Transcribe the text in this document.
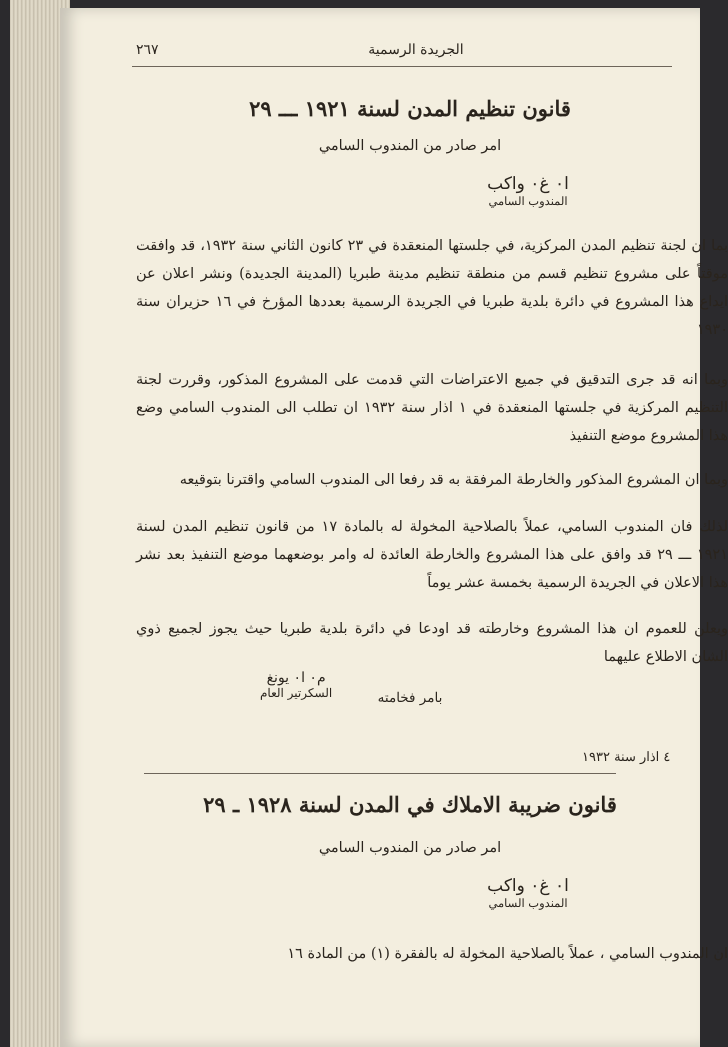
٢٦٧	الجريدة الرسمية
قانون تنظيم المدن لسنة ١٩٢١ ـــ ٢٩
امر صادر من المندوب السامي
ا٠ غ٠ واكب
المندوب السامي

بما ان لجنة تنظيم المدن المركزية، في جلستها المنعقدة في ٢٣ كانون الثاني سنة ١٩٣٢، قد وافقت موقتاً على مشروع تنظيم قسم من منطقة تنظيم مدينة طبريا (المدينة الجديدة) ونشر اعلان عن ايداع هذا المشروع في دائرة بلدية طبريا في الجريدة الرسمية بعددها المؤرخ في ١٦ حزيران سنة ١٩٣٠

وبما انه قد جرى التدقيق في جميع الاعتراضات التي قدمت على المشروع المذكور، وقررت لجنة التنظيم المركزية في جلستها المنعقدة في ١ اذار سنة ١٩٣٢ ان تطلب الى المندوب السامي وضع هذا المشروع موضع التنفيذ

وبما ان المشروع المذكور والخارطة المرفقة به قد رفعا الى المندوب السامي واقترنا بتوقيعه

لذلك فان المندوب السامي، عملاً بالصلاحية المخولة له بالمادة ١٧ من قانون تنظيم المدن لسنة ١٩٢١ ـــ ٢٩ قد وافق على هذا المشروع والخارطة العائدة له وامر بوضعهما موضع التنفيذ بعد نشر هذا الاعلان في الجريدة الرسمية بخمسة عشر يوماً

ويعلن للعموم ان هذا المشروع وخارطته قد اودعا في دائرة بلدية طبريا حيث يجوز لجميع ذوي الشان الاطلاع عليهما

بامر فخامته
م٠ ا٠ يونغ
السكرتير العام
٤ اذار سنة ١٩٣٢
قانون ضريبة الاملاك في المدن لسنة ١٩٢٨ ـ ٢٩
امر صادر من المندوب السامي
ا٠ غ٠ واكب
المندوب السامي

ان المندوب السامي ، عملاً بالصلاحية المخولة له بالفقرة (١) من المادة ١٦
